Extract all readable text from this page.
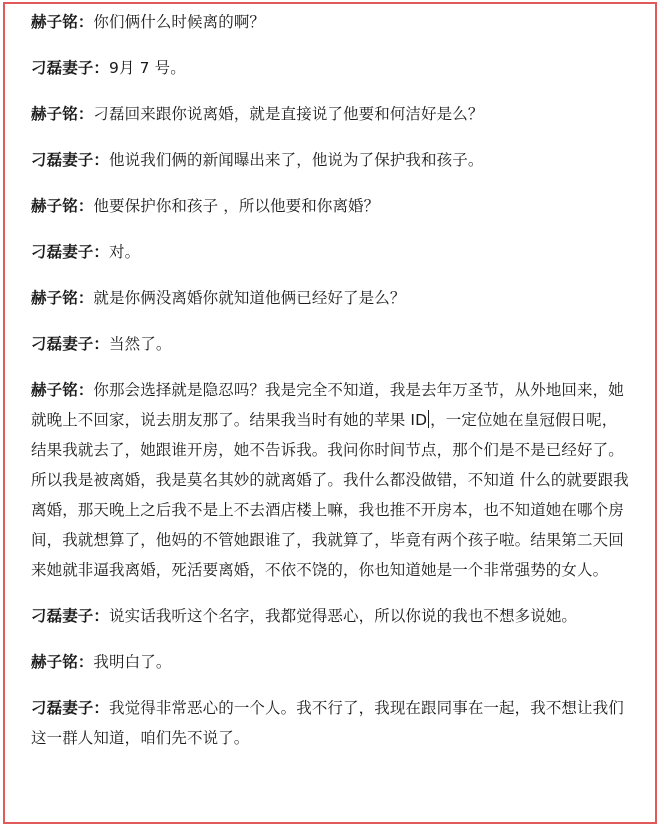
赫子铭：你们俩什么时候离的啊？

刁磊妻子：9月 7 号。

赫子铭：刁磊回来跟你说离婚，就是直接说了他要和何洁好是么？

刁磊妻子：他说我们俩的新闻曝出来了，他说为了保护我和孩子。

赫子铭：他要保护你和孩子 ，所以他要和你离婚？

刁磊妻子：对。

赫子铭：就是你俩没离婚你就知道他俩已经好了是么？

刁磊妻子：当然了。

赫子铭：你那会选择就是隐忍吗？我是完全不知道，我是去年万圣节，从外地回来，她就晚上不回家，说去朋友那了。结果我当时有她的苹果 ID ，一定位她在皇冠假日呢，结果我就去了，她跟谁开房，她不告诉我。我问你时间节点，那个们是不是已经好了。所以我是被离婚，我是莫名其妙的就离婚了。我什么都没做错，不知道 什么的就要跟我离婚，那天晚上之后我不是上不去酒店楼上嘛，我也推不开房本，也不知道她在哪个房间，我就想算了，他妈的不管她跟谁了，我就算了，毕竟有两个孩子啦。结果第二天回来她就非逼我离婚，死活要离婚，不依不饶的，你也知道她是一个非常强势的女人。

刁磊妻子：说实话我听这个名字，我都觉得恶心，所以你说的我也不想多说她。

赫子铭：我明白了。

刁磊妻子：我觉得非常恶心的一个人。我不行了，我现在跟同事在一起，我不想让我们这一群人知道，咱们先不说了。
